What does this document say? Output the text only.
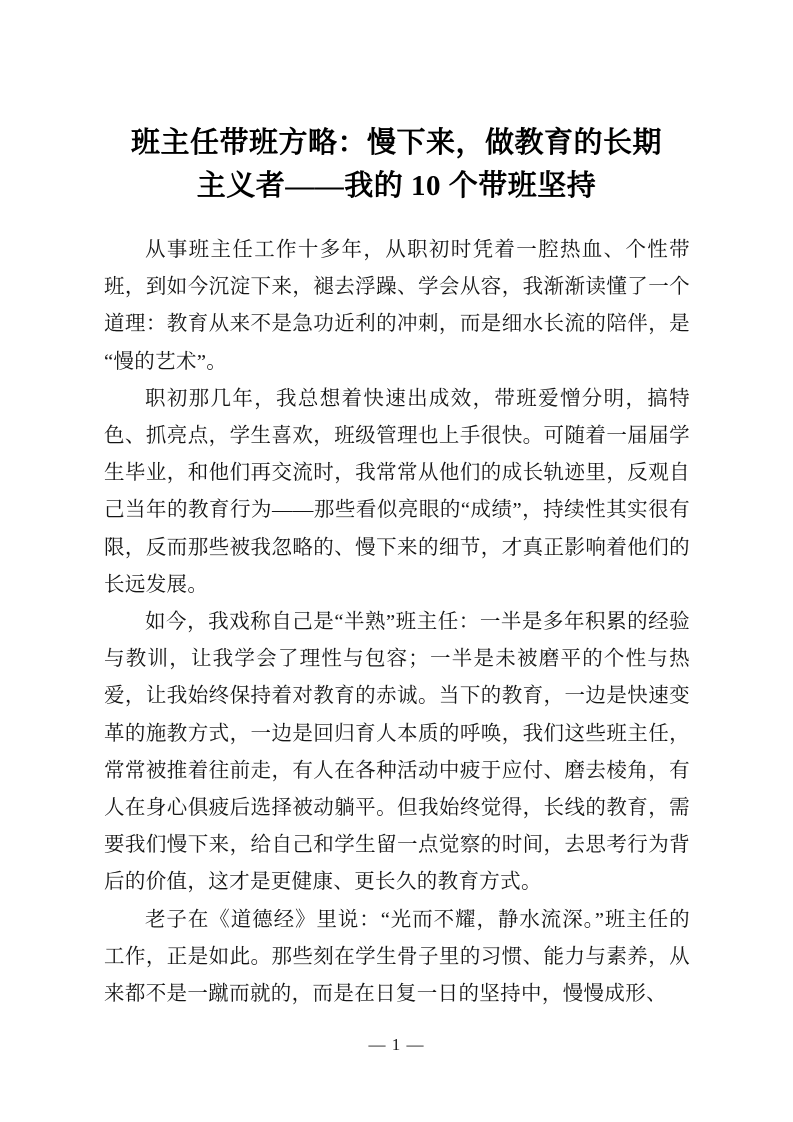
班主任带班方略：慢下来，做教育的长期
主义者——我的 10 个带班坚持

从事班主任工作十多年，从职初时凭着一腔热血、个性带班，到如今沉淀下来，褪去浮躁、学会从容，我渐渐读懂了一个道理：教育从来不是急功近利的冲刺，而是细水长流的陪伴，是“慢的艺术”。

职初那几年，我总想着快速出成效，带班爱憎分明，搞特色、抓亮点，学生喜欢，班级管理也上手很快。可随着一届届学生毕业，和他们再交流时，我常常从他们的成长轨迹里，反观自己当年的教育行为——那些看似亮眼的“成绩”，持续性其实很有限，反而那些被我忽略的、慢下来的细节，才真正影响着他们的长远发展。

如今，我戏称自己是“半熟”班主任：一半是多年积累的经验与教训，让我学会了理性与包容；一半是未被磨平的个性与热爱，让我始终保持着对教育的赤诚。当下的教育，一边是快速变革的施教方式，一边是回归育人本质的呼唤，我们这些班主任，常常被推着往前走，有人在各种活动中疲于应付、磨去棱角，有人在身心俱疲后选择被动躺平。但我始终觉得，长线的教育，需要我们慢下来，给自己和学生留一点觉察的时间，去思考行为背后的价值，这才是更健康、更长久的教育方式。

老子在《道德经》里说：“光而不耀，静水流深。”班主任的工作，正是如此。那些刻在学生骨子里的习惯、能力与素养，从来都不是一蹴而就的，而是在日复一日的坚持中，慢慢成形、

— 1 —
